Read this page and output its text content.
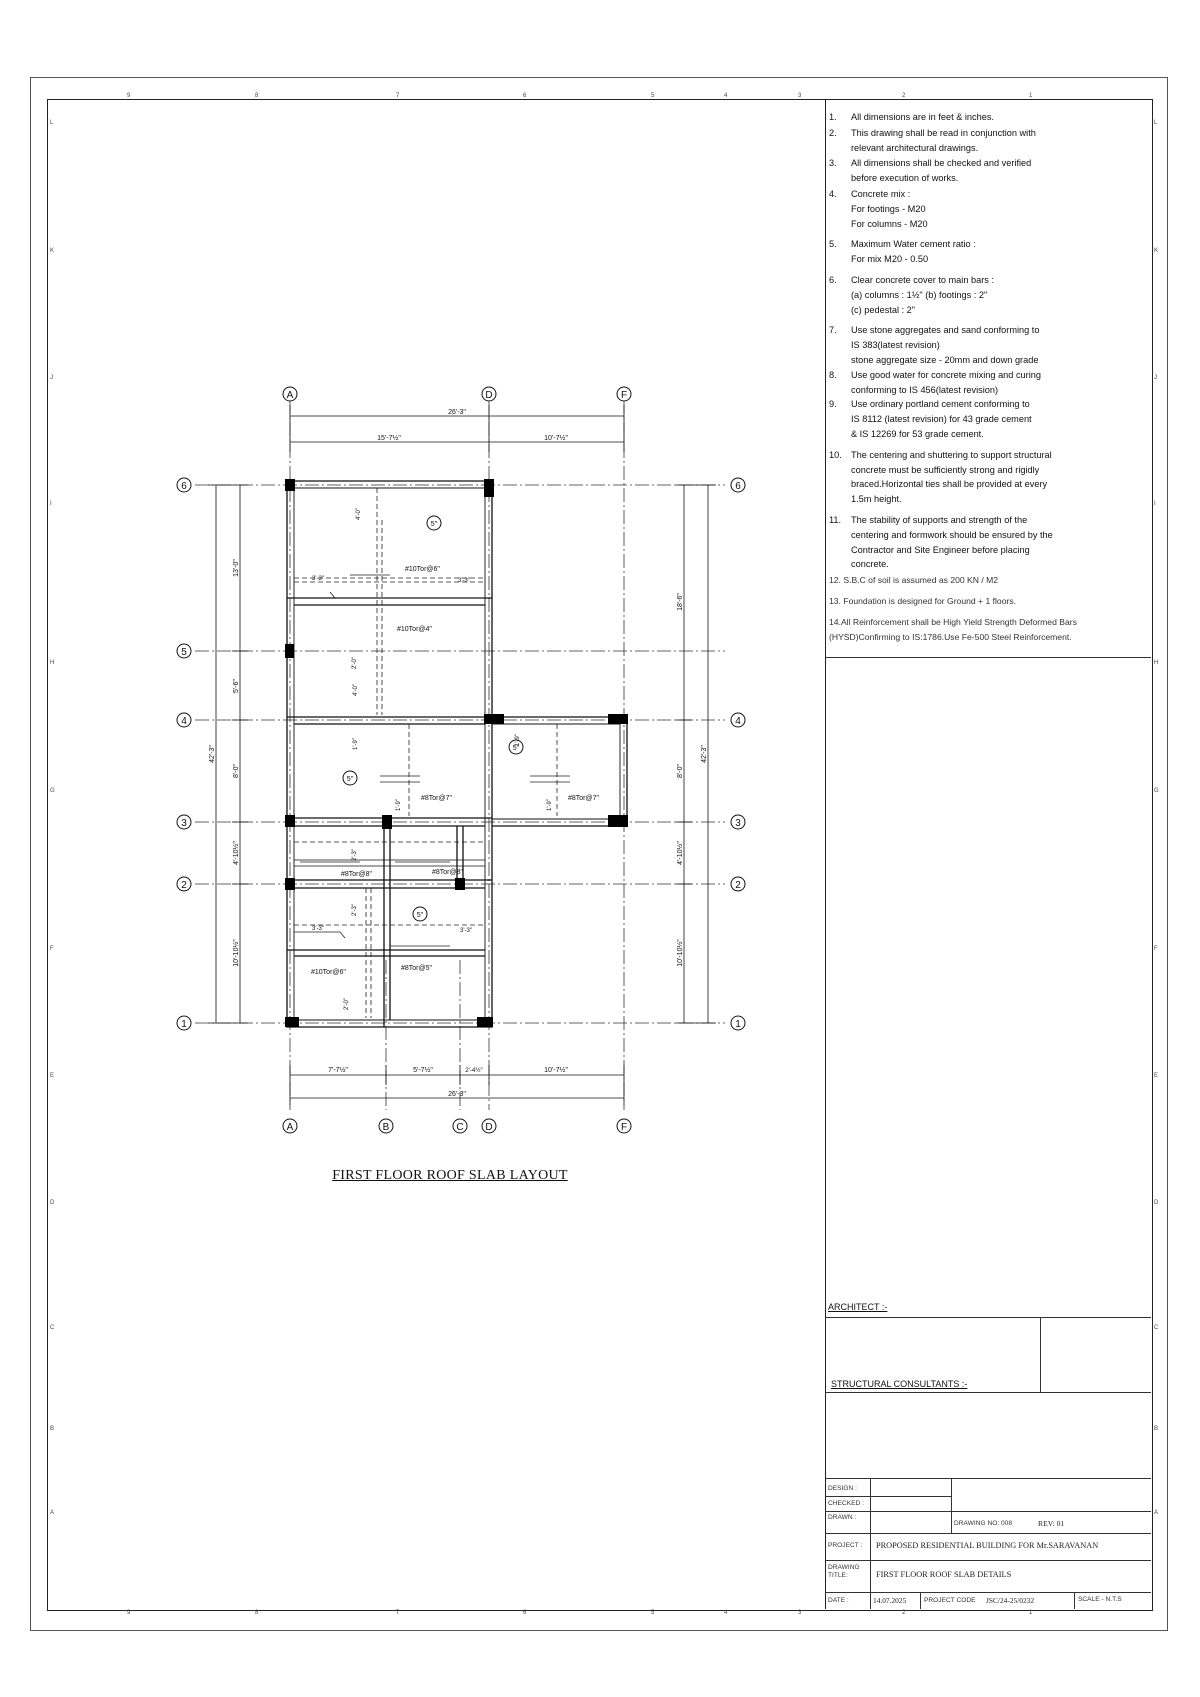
9	8	7	6	5	4	3	2	1
9	8	7	6	5	4	3	2	1
L
K
J
I
H
G
F
E
D
C
B
A
L
K
J
I
H
G
F
E
D
C
B
A
1. All dimensions are in feet & inches.
2. This drawing shall be read in conjunction with
relevant architectural drawings.
3. All dimensions shall be checked and verified
before execution of works.
4. Concrete mix :
For footings - M20
For columns - M20
5. Maximum Water cement ratio :
For mix M20 - 0.50
6. Clear concrete cover to main bars :
(a) columns : 1½" (b) footings : 2"
(c) pedestal : 2"
7. Use stone aggregates and sand conforming to
IS 383(latest revision)
stone aggregate size - 20mm and down grade
8. Use good water for concrete mixing and curing
conforming to IS 456(latest revision)
9. Use ordinary portland cement conforming to
IS 8112 (latest revision) for 43 grade cement
& IS 12269 for 53 grade cement.
10. The centering and shuttering to support structural
concrete must be sufficiently strong and rigidly
braced.Horizontal ties shall be provided at every
1.5m height.
11. The stability of supports and strength of the
centering and formwork should be ensured by the
Contractor and Site Engineer before placing
concrete.
12. S.B.C of soil is assumed as 200 KN / M2
13. Foundation is designed for Ground + 1 floors.
14.All Reinforcement shall be High Yield Strength Deformed Bars
(HYSD)Confirming to IS:1786.Use Fe-500 Steel Reinforcement.
ARCHITECT :-
STRUCTURAL CONSULTANTS :-
DESIGN :
CHECKED :
DRAWN :
DRAWING NO: 008	REV: 01
PROJECT : PROPOSED RESIDENTIAL BUILDING FOR Mr.SARAVANAN
DRAWING
TITLE:	FIRST FLOOR ROOF SLAB DETAILS
DATE :	14.07.2025	PROJECT CODE JSC/24-25/0232	SCALE - N.T.S
A	D	F
A	B	C D	F
6
5
4
3
2
1
6
4
3
2
1
26'-3"
15'-7½"	10'-7½"
7'-7½"	5'-7½"	2'-4½"	10'-7½"
26'-3"
42'-3"
13'-0"
5'-6"
8'-0"
4'-10½"
10'-10½"
42'-3"
18'-6"
8'-0"
4'-10½"
10'-10½"
5"
5"
5"
5"
#10Tor@6"
#10Tor@4"
#8Tor@7"	#8Tor@7"
#8Tor@8"	#8Tor@8"
#10Tor@6"
#8Tor@5"
3'-3"	3'-3"
3'-3"	3'-3"
4'-0"
4'-0"
2'-0"
1'-9"
1'-9"
1'-9"
1'-9"
2'-3"
2'-3"
2'-0"
FIRST FLOOR ROOF SLAB LAYOUT
